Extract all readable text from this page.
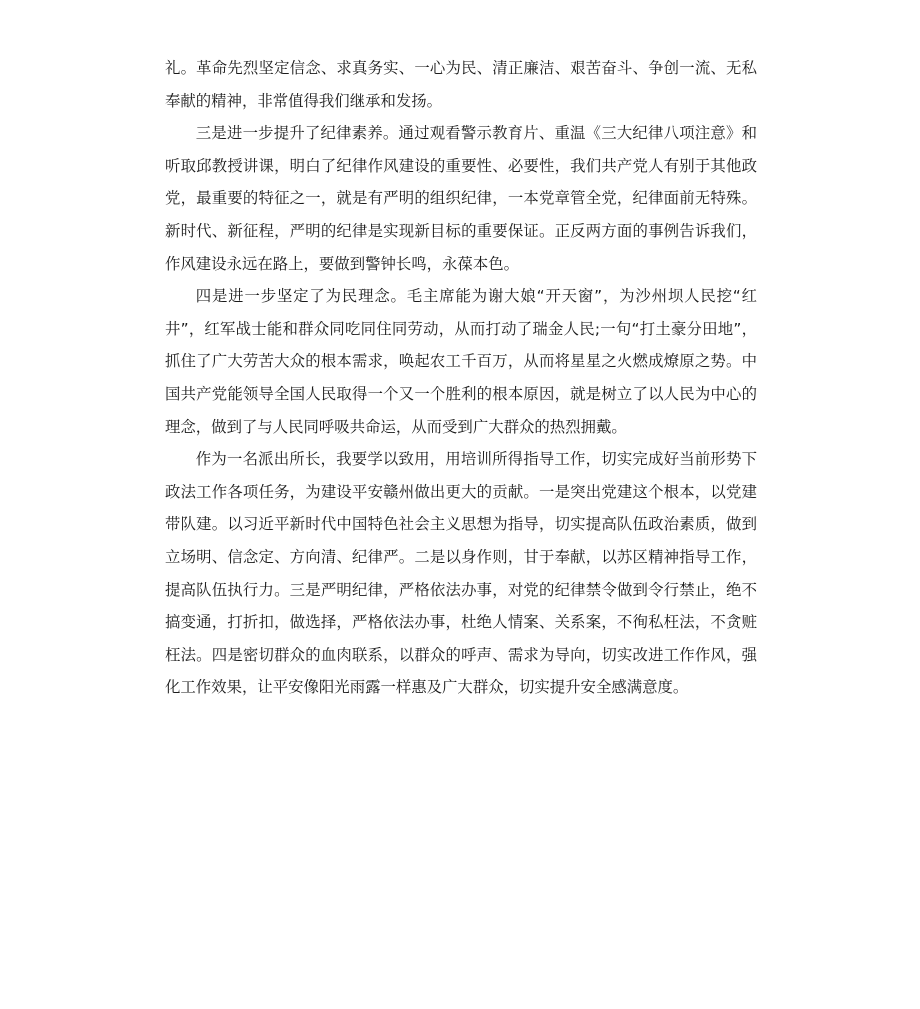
礼。革命先烈坚定信念、求真务实、一心为民、清正廉洁、艰苦奋斗、争创一流、无私奉献的精神，非常值得我们继承和发扬。

三是进一步提升了纪律素养。通过观看警示教育片、重温《三大纪律八项注意》和听取邱教授讲课，明白了纪律作风建设的重要性、必要性，我们共产党人有别于其他政党，最重要的特征之一，就是有严明的组织纪律，一本党章管全党，纪律面前无特殊。新时代、新征程，严明的纪律是实现新目标的重要保证。正反两方面的事例告诉我们，作风建设永远在路上，要做到警钟长鸣，永葆本色。

四是进一步坚定了为民理念。毛主席能为谢大娘“开天窗”，为沙州坝人民挖“红井”，红军战士能和群众同吃同住同劳动，从而打动了瑞金人民;一句“打土豪分田地”，抓住了广大劳苦大众的根本需求，唤起农工千百万，从而将星星之火燃成燎原之势。中国共产党能领导全国人民取得一个又一个胜利的根本原因，就是树立了以人民为中心的理念，做到了与人民同呼吸共命运，从而受到广大群众的热烈拥戴。

作为一名派出所长，我要学以致用，用培训所得指导工作，切实完成好当前形势下政法工作各项任务，为建设平安赣州做出更大的贡献。一是突出党建这个根本，以党建带队建。以习近平新时代中国特色社会主义思想为指导，切实提高队伍政治素质，做到立场明、信念定、方向清、纪律严。二是以身作则，甘于奉献，以苏区精神指导工作，提高队伍执行力。三是严明纪律，严格依法办事，对党的纪律禁令做到令行禁止，绝不搞变通，打折扣，做选择，严格依法办事，杜绝人情案、关系案，不徇私枉法，不贪赃枉法。四是密切群众的血肉联系，以群众的呼声、需求为导向，切实改进工作作风，强化工作效果，让平安像阳光雨露一样惠及广大群众，切实提升安全感满意度。
